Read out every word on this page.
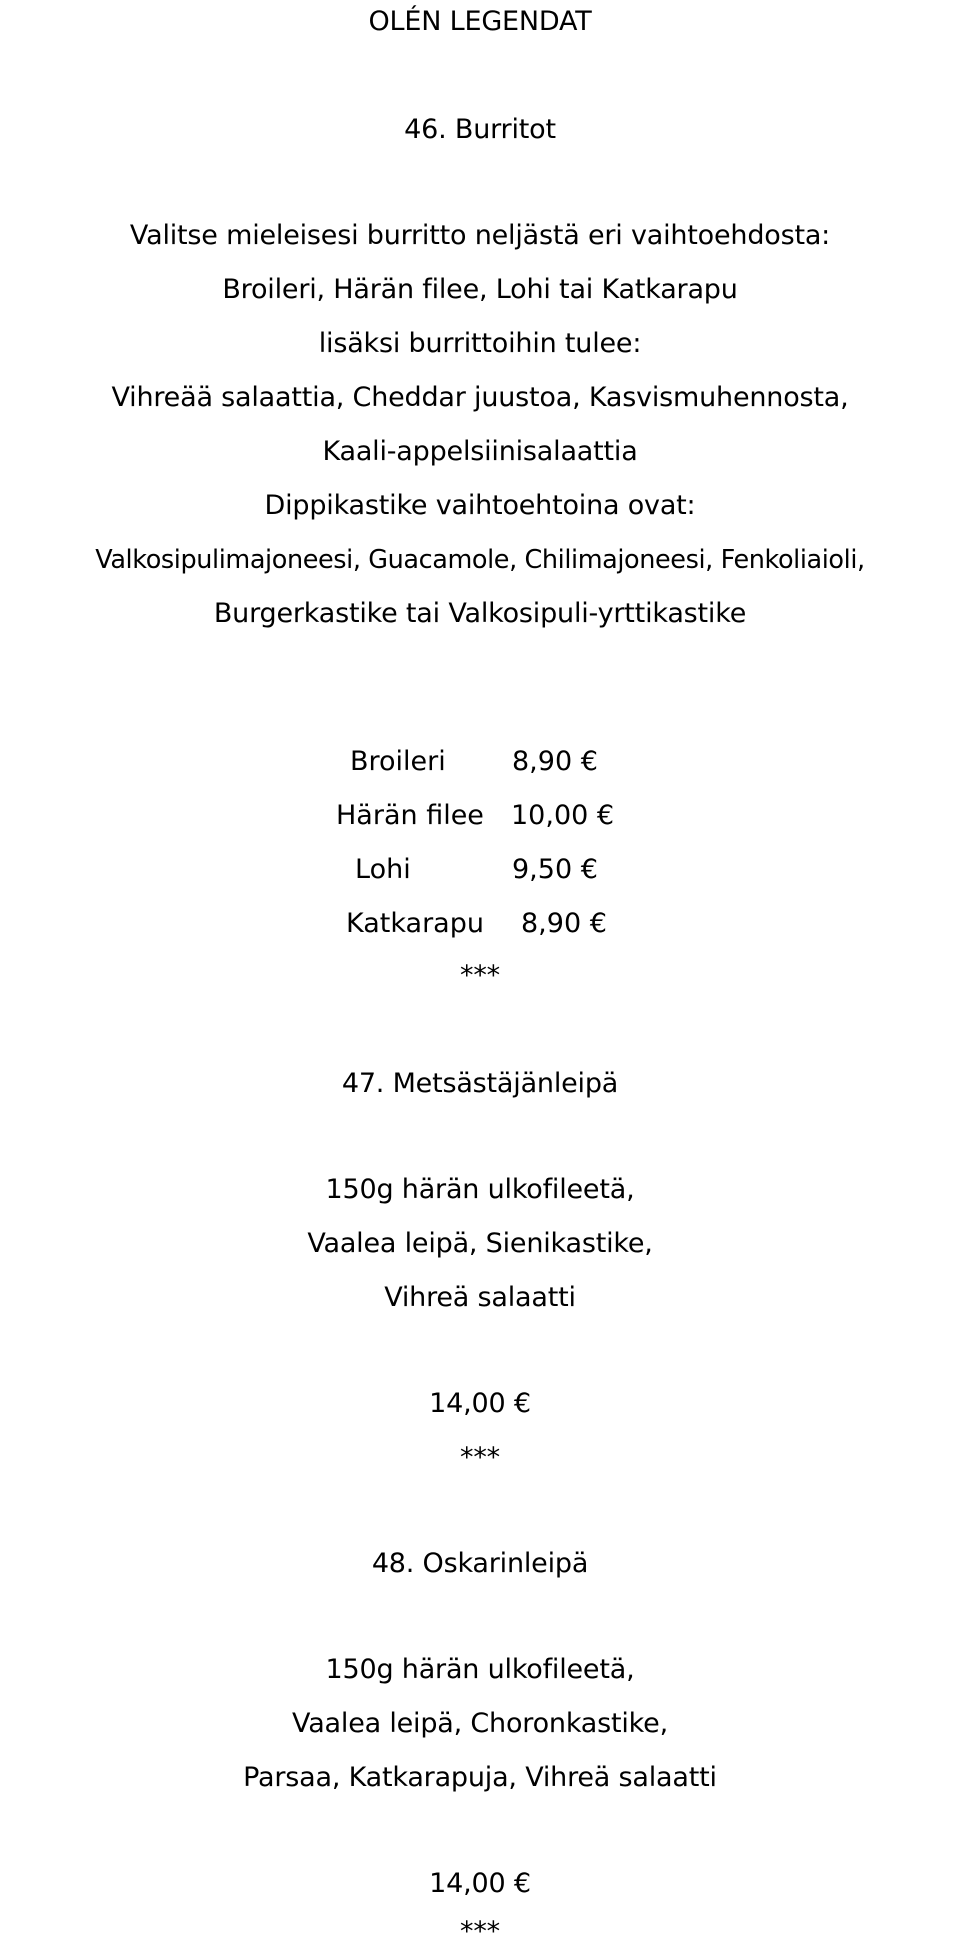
OLÉN LEGENDAT
46. Burritot
Valitse mieleisesi burritto neljästä eri vaihtoehdosta:
Broileri, Härän filee, Lohi tai Katkarapu
lisäksi burrittoihin tulee:
Vihreää salaattia, Cheddar juustoa, Kasvismuhennosta,
Kaali-appelsiinisalaattia
Dippikastike vaihtoehtoina ovat:
Valkosipulimajoneesi, Guacamole, Chilimajoneesi, Fenkoliaioli,
Burgerkastike tai Valkosipuli-yrttikastike
Broileri 8,90 €
Härän filee 10,00 €
Lohi	9,50 €
Katkarapu 8,90 €
***
47. Metsästäjänleipä
150g härän ulkofileetä,
Vaalea leipä, Sienikastike,
Vihreä salaatti
14,00 €
***
48. Oskarinleipä
150g härän ulkofileetä,
Vaalea leipä, Choronkastike,
Parsaa, Katkarapuja, Vihreä salaatti
14,00 €
***
